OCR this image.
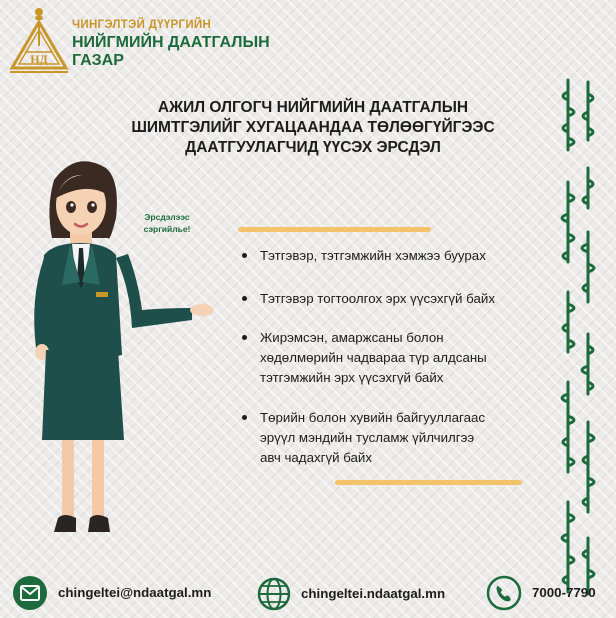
НД
ЧИНГЭЛТЭЙ ДҮҮРГИЙН
НИЙГМИЙН ДААТГАЛЫН
ГАЗАР
АЖИЛ ОЛГОГЧ НИЙГМИЙН ДААТГАЛЫН
ШИМТГЭЛИЙГ ХУГАЦААНДАА ТӨЛӨӨГҮЙГЭЭС
ДААТГУУЛАГЧИД ҮҮСЭХ ЭРСДЭЛ
Эрсдэлээс
сэргийлье!
Тэтгэвэр, тэтгэмжийн хэмжээ буурах
Тэтгэвэр тогтоолгох эрх үүсэхгүй байх
Жирэмсэн, амаржсаны болон
хөдөлмөрийн чадвараа түр алдсаны
тэтгэмжийн эрх үүсэхгүй байх
Төрийн болон хувийн байгууллагаас
эрүүл мэндийн тусламж үйлчилгээ
авч чадахгүй байх
chingeltei@ndaatgal.mn	chingeltei.ndaatgal.mn	7000-7790
